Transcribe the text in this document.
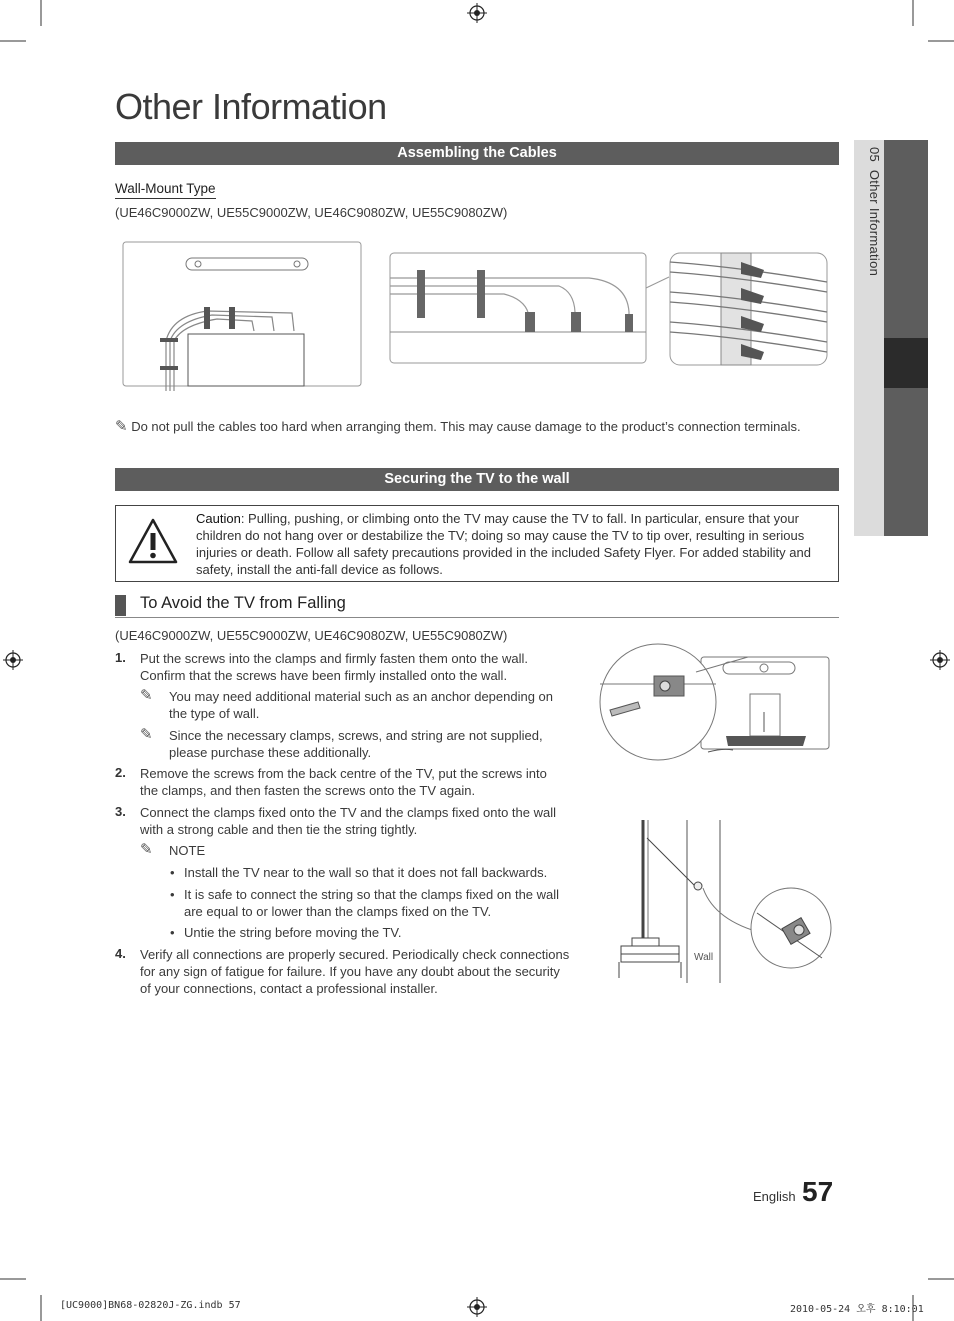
05  Other Information
Other Information
Assembling the Cables
Wall-Mount Type
(UE46C9000ZW, UE55C9000ZW, UE46C9080ZW, UE55C9080ZW)
✎ Do not pull the cables too hard when arranging them. This may cause damage to the product’s connection terminals.
Securing the TV to the wall
Caution: Pulling, pushing, or climbing onto the TV may cause the TV to fall. In particular, ensure that your children do not hang over or destabilize the TV; doing so may cause the TV to tip over, resulting in serious injuries or death. Follow all safety precautions provided in the included Safety Flyer. For added stability and safety, install the anti-fall device as follows.
To Avoid the TV from Falling
(UE46C9000ZW, UE55C9000ZW, UE46C9080ZW, UE55C9080ZW)
1. Put the screws into the clamps and firmly fasten them onto the wall. Confirm that the screws have been firmly installed onto the wall.
✎ You may need additional material such as an anchor depending on the type of wall.
✎ Since the necessary clamps, screws, and string are not supplied, please purchase these additionally.
2. Remove the screws from the back centre of the TV, put the screws into the clamps, and then fasten the screws onto the TV again.
3. Connect the clamps fixed onto the TV and the clamps fixed onto the wall with a strong cable and then tie the string tightly.
✎ NOTE
• Install the TV near to the wall so that it does not fall backwards.
• It is safe to connect the string so that the clamps fixed on the wall are equal to or lower than the clamps fixed on the TV.
• Untie the string before moving the TV.
4. Verify all connections are properly secured. Periodically check connections for any sign of fatigue for failure. If you have any doubt about the security of your connections, contact a professional installer.
Wall
English 57
[UC9000]BN68-02820J-ZG.indb 57	2010-05-24 오후 8:10:01
